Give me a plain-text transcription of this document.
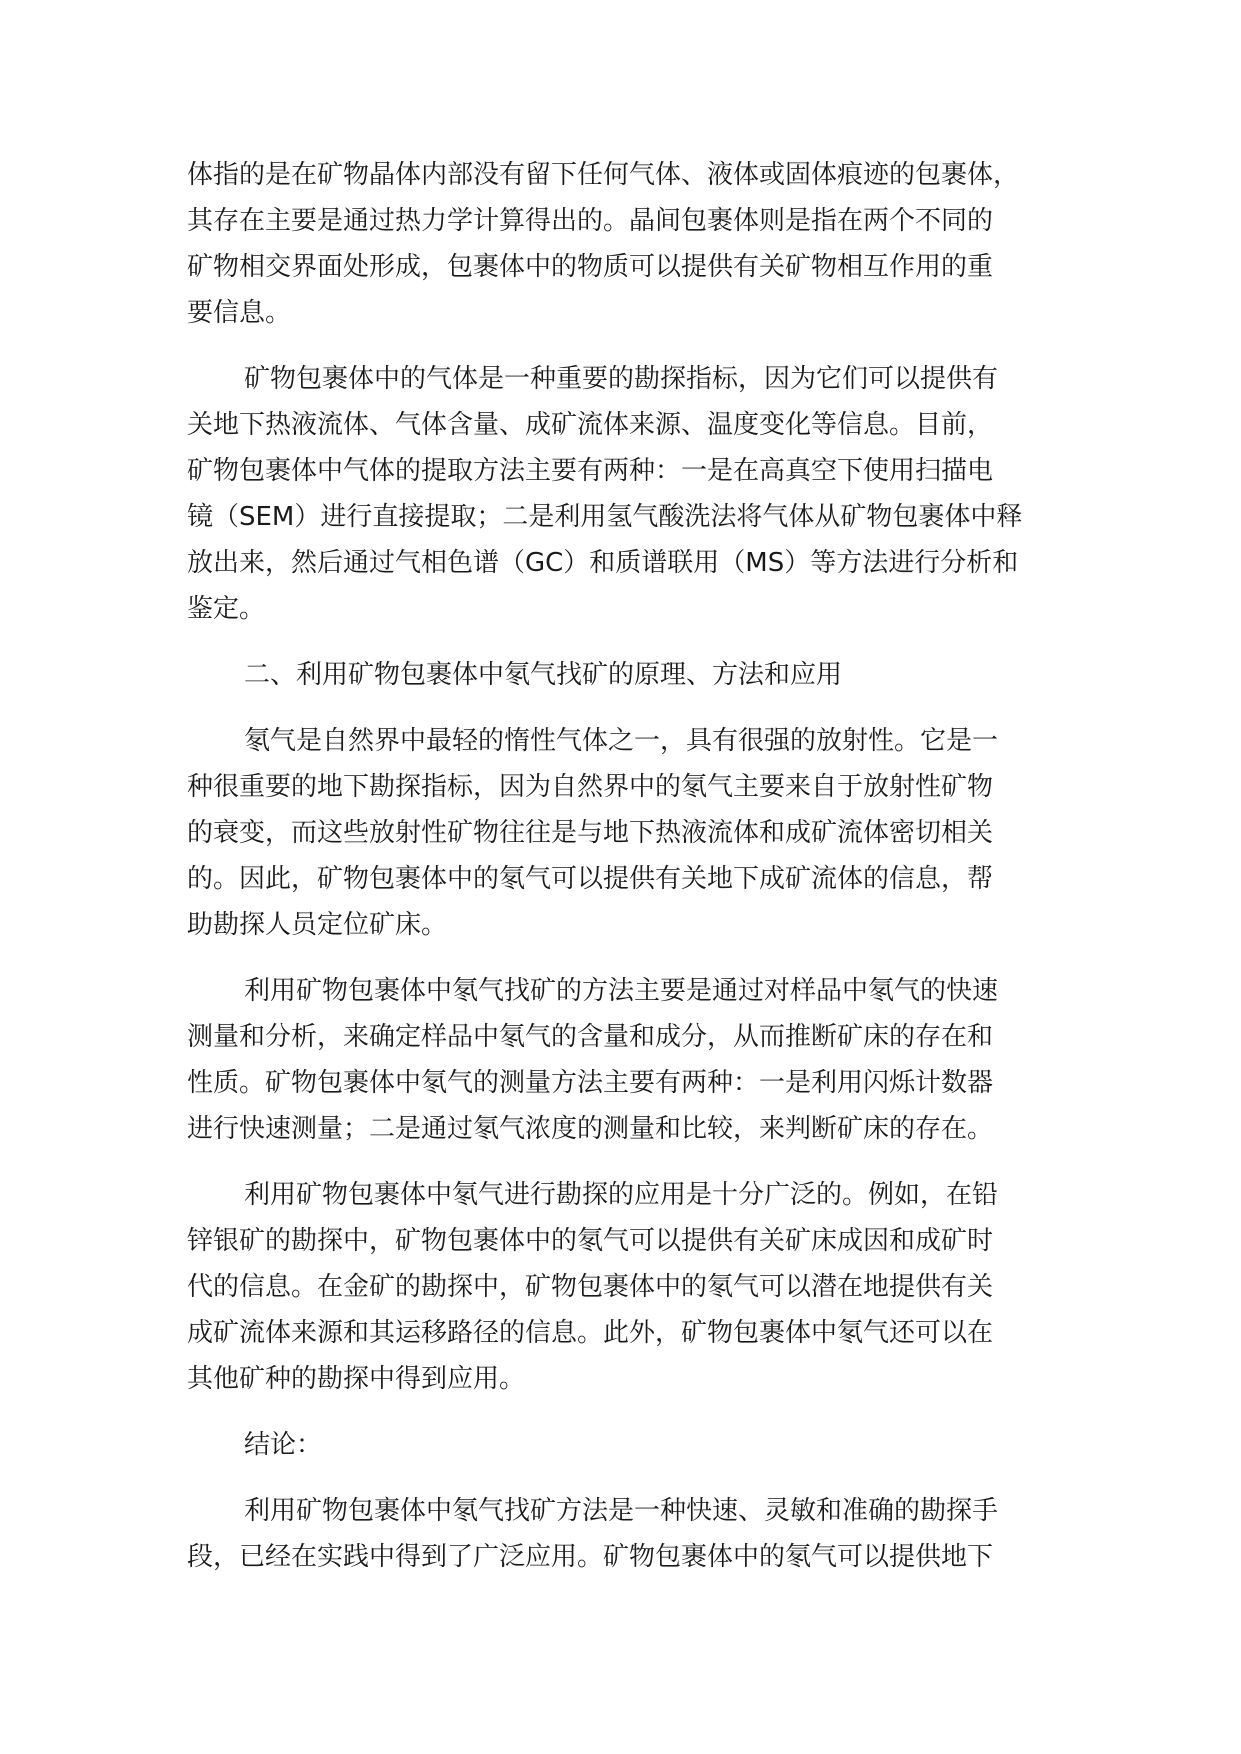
体指的是在矿物晶体内部没有留下任何气体、液体或固体痕迹的包裹体，
其存在主要是通过热力学计算得出的。晶间包裹体则是指在两个不同的
矿物相交界面处形成，包裹体中的物质可以提供有关矿物相互作用的重
要信息。
矿物包裹体中的气体是一种重要的勘探指标，因为它们可以提供有
关地下热液流体、气体含量、成矿流体来源、温度变化等信息。目前，
矿物包裹体中气体的提取方法主要有两种：一是在高真空下使用扫描电
镜（SEM）进行直接提取；二是利用氢气酸洗法将气体从矿物包裹体中释
放出来，然后通过气相色谱（GC）和质谱联用（MS）等方法进行分析和
鉴定。
二、利用矿物包裹体中氡气找矿的原理、方法和应用
氡气是自然界中最轻的惰性气体之一，具有很强的放射性。它是一
种很重要的地下勘探指标，因为自然界中的氡气主要来自于放射性矿物
的衰变，而这些放射性矿物往往是与地下热液流体和成矿流体密切相关
的。因此，矿物包裹体中的氡气可以提供有关地下成矿流体的信息，帮
助勘探人员定位矿床。
利用矿物包裹体中氡气找矿的方法主要是通过对样品中氡气的快速
测量和分析，来确定样品中氡气的含量和成分，从而推断矿床的存在和
性质。矿物包裹体中氡气的测量方法主要有两种：一是利用闪烁计数器
进行快速测量；二是通过氡气浓度的测量和比较，来判断矿床的存在。
利用矿物包裹体中氡气进行勘探的应用是十分广泛的。例如，在铅
锌银矿的勘探中，矿物包裹体中的氡气可以提供有关矿床成因和成矿时
代的信息。在金矿的勘探中，矿物包裹体中的氡气可以潜在地提供有关
成矿流体来源和其运移路径的信息。此外，矿物包裹体中氡气还可以在
其他矿种的勘探中得到应用。
结论：
利用矿物包裹体中氡气找矿方法是一种快速、灵敏和准确的勘探手
段，已经在实践中得到了广泛应用。矿物包裹体中的氡气可以提供地下
